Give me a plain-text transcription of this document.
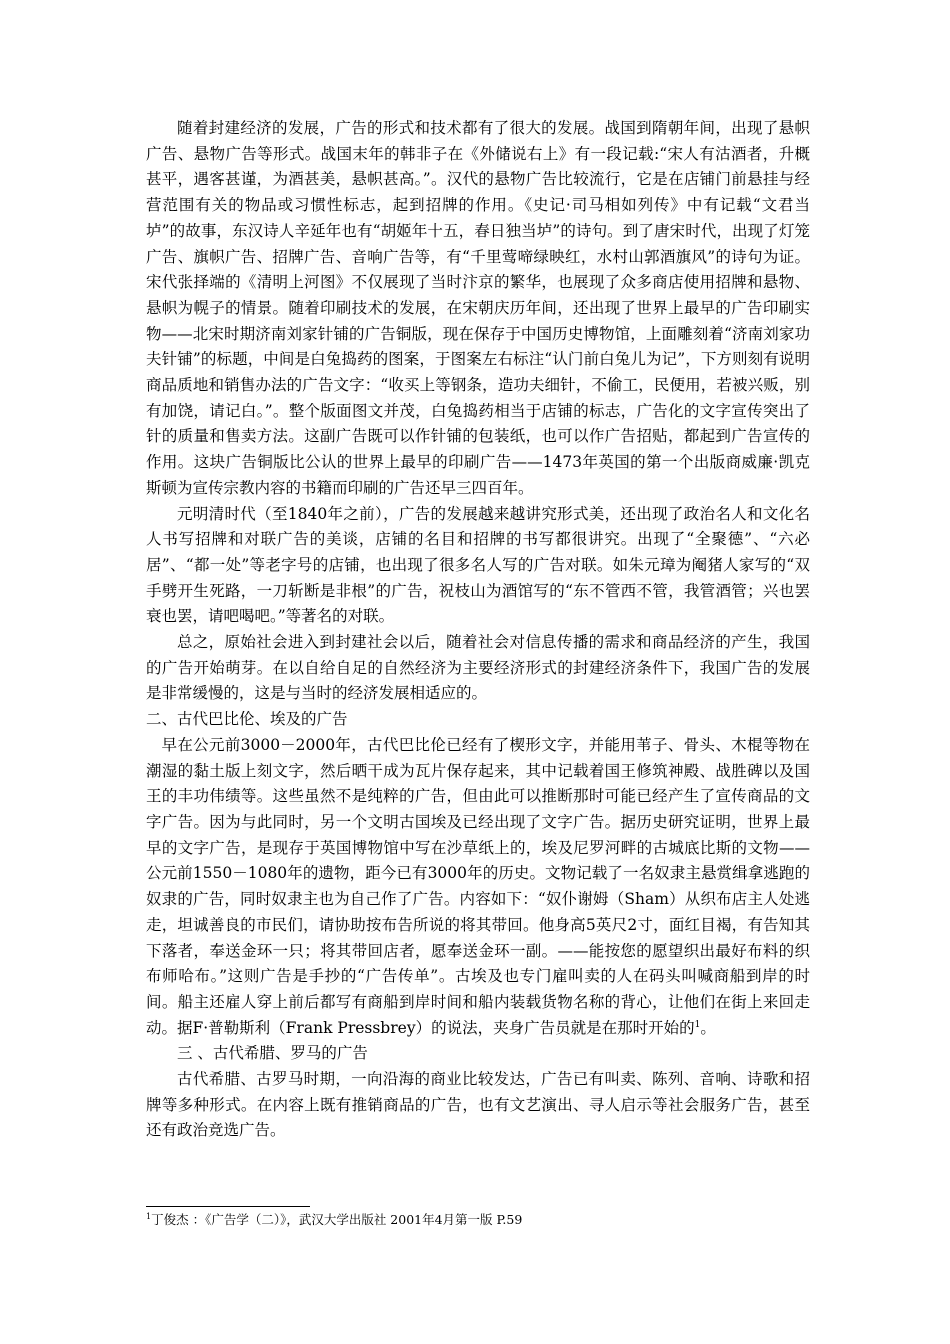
随着封建经济的发展，广告的形式和技术都有了很大的发展。战国到隋朝年间，出现了悬帜广告、悬物广告等形式。战国末年的韩非子在《外储说右上》有一段记载:“宋人有沽酒者，升概甚平，遇客甚谨，为酒甚美，悬帜甚高。”。汉代的悬物广告比较流行，它是在店铺门前悬挂与经营范围有关的物品或习惯性标志，起到招牌的作用。《史记·司马相如列传》中有记载“文君当垆”的故事，东汉诗人辛延年也有“胡姬年十五，春日独当垆”的诗句。到了唐宋时代，出现了灯笼广告、旗帜广告、招牌广告、音响广告等，有“千里莺啼绿映红，水村山郭酒旗风”的诗句为证。宋代张择端的《清明上河图》不仅展现了当时汴京的繁华，也展现了众多商店使用招牌和悬物、悬帜为幌子的情景。随着印刷技术的发展，在宋朝庆历年间，还出现了世界上最早的广告印刷实物——北宋时期济南刘家针铺的广告铜版，现在保存于中国历史博物馆，上面雕刻着“济南刘家功夫针铺”的标题，中间是白兔捣药的图案，于图案左右标注“认门前白兔儿为记”，下方则刻有说明商品质地和销售办法的广告文字：“收买上等钢条，造功夫细针，不偷工，民便用，若被兴贩，别有加饶，请记白。”。整个版面图文并茂，白兔捣药相当于店铺的标志，广告化的文字宣传突出了针的质量和售卖方法。这副广告既可以作针铺的包装纸，也可以作广告招贴，都起到广告宣传的作用。这块广告铜版比公认的世界上最早的印刷广告——1473年英国的第一个出版商威廉·凯克斯顿为宣传宗教内容的书籍而印刷的广告还早三四百年。

元明清时代（至1840年之前），广告的发展越来越讲究形式美，还出现了政治名人和文化名人书写招牌和对联广告的美谈，店铺的名目和招牌的书写都很讲究。出现了“全聚德”、“六必居”、“都一处”等老字号的店铺，也出现了很多名人写的广告对联。如朱元璋为阉猪人家写的“双手劈开生死路，一刀斩断是非根”的广告，祝枝山为酒馆写的“东不管西不管，我管酒管；兴也罢衰也罢，请吧喝吧。”等著名的对联。

总之，原始社会进入到封建社会以后，随着社会对信息传播的需求和商品经济的产生，我国的广告开始萌芽。在以自给自足的自然经济为主要经济形式的封建经济条件下，我国广告的发展是非常缓慢的，这是与当时的经济发展相适应的。

二、古代巴比伦、埃及的广告

早在公元前3000－2000年，古代巴比伦已经有了楔形文字，并能用苇子、骨头、木棍等物在潮湿的黏土版上刻文字，然后晒干成为瓦片保存起来，其中记载着国王修筑神殿、战胜碑以及国王的丰功伟绩等。这些虽然不是纯粹的广告，但由此可以推断那时可能已经产生了宣传商品的文字广告。因为与此同时，另一个文明古国埃及已经出现了文字广告。据历史研究证明，世界上最早的文字广告，是现存于英国博物馆中写在沙草纸上的，埃及尼罗河畔的古城底比斯的文物——公元前1550－1080年的遗物，距今已有3000年的历史。文物记载了一名奴隶主悬赏缉拿逃跑的奴隶的广告，同时奴隶主也为自己作了广告。内容如下：“奴仆谢姆（Sham）从织布店主人处逃走，坦诚善良的市民们，请协助按布告所说的将其带回。他身高5英尺2寸，面红目褐，有告知其下落者，奉送金环一只；将其带回店者，愿奉送金环一副。——能按您的愿望织出最好布料的织布师哈布。”这则广告是手抄的“广告传单”。古埃及也专门雇叫卖的人在码头叫喊商船到岸的时间。船主还雇人穿上前后都写有商船到岸时间和船内装载货物名称的背心，让他们在街上来回走动。据F·普勒斯利（Frank Pressbrey）的说法，夹身广告员就是在那时开始的$^1$。

三 、古代希腊、罗马的广告

古代希腊、古罗马时期，一向沿海的商业比较发达，广告已有叫卖、陈列、音响、诗歌和招牌等多种形式。在内容上既有推销商品的广告，也有文艺演出、寻人启示等社会服务广告，甚至还有政治竞选广告。

$^1$丁俊杰 ：《广告学（二）》，武汉大学出版社 2001年4月第一版 P.59
